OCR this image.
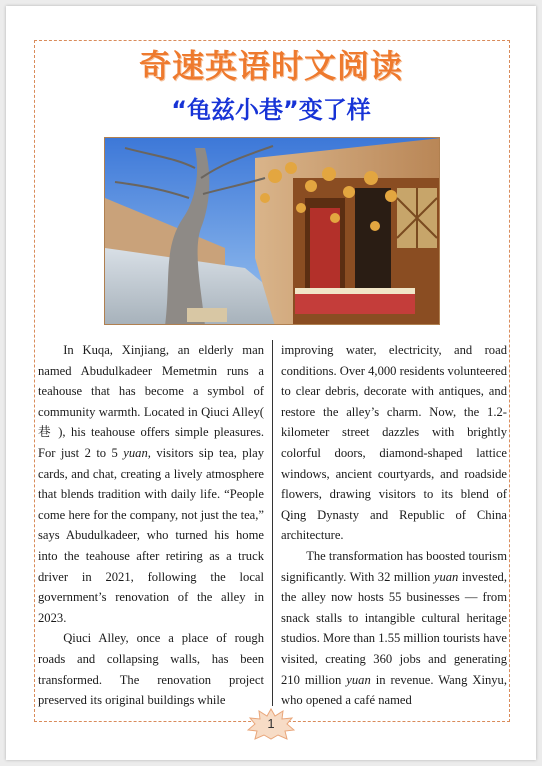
奇速英语时文阅读
“龟兹小巷”变了样

In Kuqa, Xinjiang, an elderly man named Abudulkadeer Memetmin runs a teahouse that has become a symbol of community warmth. Located in Qiuci Alley( 巷 ), his teahouse offers simple pleasures. For just 2 to 5 yuan, visitors sip tea, play cards, and chat, creating a lively atmosphere that blends tradition with daily life. “People come here for the company, not just the tea,” says Abudulkadeer, who turned his home into the teahouse after retiring as a truck driver in 2021, following the local government’s renovation of the alley in 2023.

Qiuci Alley, once a place of rough roads and collapsing walls, has been transformed. The renovation project preserved its original buildings while

improving water, electricity, and road conditions. Over 4,000 residents volunteered to clear debris, decorate with antiques, and restore the alley’s charm. Now, the 1.2-kilometer street dazzles with brightly colorful doors, diamond-shaped lattice windows, ancient courtyards, and roadside flowers, drawing visitors to its blend of Qing Dynasty and Republic of China architecture.

The transformation has boosted tourism significantly. With 32 million yuan invested, the alley now hosts 55 businesses — from snack stalls to intangible cultural heritage studios. More than 1.55 million tourists have visited, creating 360 jobs and generating 210 million yuan in revenue. Wang Xinyu, who opened a café named

1
